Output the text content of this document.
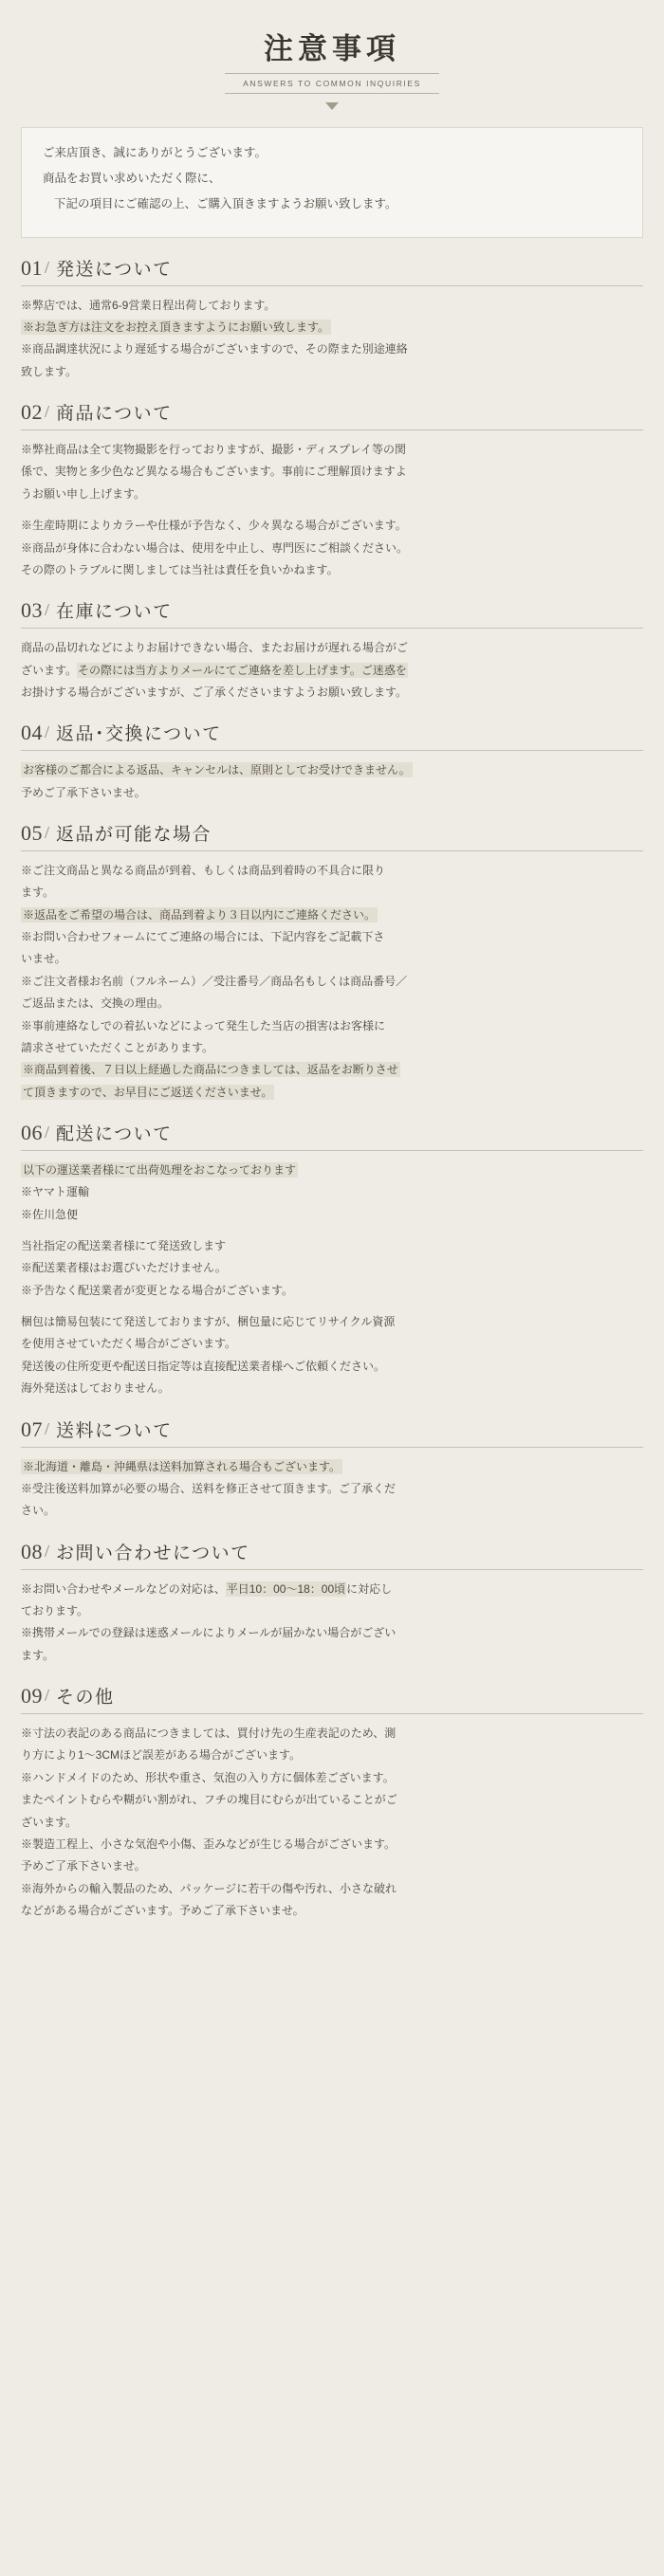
注意事項
ANSWERS TO COMMON INQUIRIES

ご来店頂き、誠にありがとうございます。

商品をお買い求めいただく際に、

下記の項目にご確認の上、ご購入頂きますようお願い致します。

01 / 発送について

※弊店では、通常6-9営業日程出荷しております。

※お急ぎ方は注文をお控え頂きますようにお願い致します。

※商品調達状況により遅延する場合がございますので、その際また別途連絡

致します。

02 / 商品について

※弊社商品は全て実物撮影を行っておりますが、撮影・ディスプレイ等の関

係で、実物と多少色など異なる場合もございます。事前にご理解頂けますよ

うお願い申し上げます。

※生産時期によりカラーや仕様が予告なく、少々異なる場合がございます。

※商品が身体に合わない場合は、使用を中止し、専門医にご相談ください。

その際のトラブルに関しましては当社は責任を負いかねます。

03 / 在庫について

商品の品切れなどによりお届けできない場合、またお届けが遅れる場合がご

ざいます。その際には当方よりメールにてご連絡を差し上げます。ご迷惑を

お掛けする場合がございますが、ご了承くださいますようお願い致します。

04 / 返品･交換について

お客様のご都合による返品、キャンセルは、原則としてお受けできません。

予めご了承下さいませ。

05 / 返品が可能な場合

※ご注文商品と異なる商品が到着、もしくは商品到着時の不具合に限り

ます。

※返品をご希望の場合は、商品到着より３日以内にご連絡ください。

※お問い合わせフォームにてご連絡の場合には、下記内容をご記載下さ

いませ。

※ご注文者様お名前（フルネーム）／受注番号／商品名もしくは商品番号／

ご返品または、交換の理由。

※事前連絡なしでの着払いなどによって発生した当店の損害はお客様に

請求させていただくことがあります。

※商品到着後、７日以上経過した商品につきましては、返品をお断りさせ

て頂きますので、お早目にご返送くださいませ。

06 / 配送について

以下の運送業者様にて出荷処理をおこなっております

※ヤマト運輸

※佐川急便

当社指定の配送業者様にて発送致します

※配送業者様はお選びいただけません。

※予告なく配送業者が変更となる場合がございます。

梱包は簡易包装にて発送しておりますが、梱包量に応じてリサイクル資源

を使用させていただく場合がございます。

発送後の住所変更や配送日指定等は直接配送業者様へご依頼ください。

海外発送はしておりません。

07 / 送料について

※北海道・離島・沖縄県は送料加算される場合もございます。

※受注後送料加算が必要の場合、送料を修正させて頂きます。ご了承くだ

さい。

08 / お問い合わせについて

※お問い合わせやメールなどの対応は、平日10：00～18：00頃に対応し

ております。

※携帯メールでの登録は迷惑メールによりメールが届かない場合がござい

ます。

09 / その他

※寸法の表記のある商品につきましては、買付け先の生産表記のため、測

り方により1～3CMほど誤差がある場合がございます。

※ハンドメイドのため、形状や重さ、気泡の入り方に個体差ございます。

またペイントむらや糊がい割がれ、フチの塊目にむらが出ていることがご

ざいます。

※製造工程上、小さな気泡や小傷、歪みなどが生じる場合がございます。

予めご了承下さいませ。

※海外からの輸入製品のため、パッケージに若干の傷や汚れ、小さな破れ

などがある場合がございます。予めご了承下さいませ。
